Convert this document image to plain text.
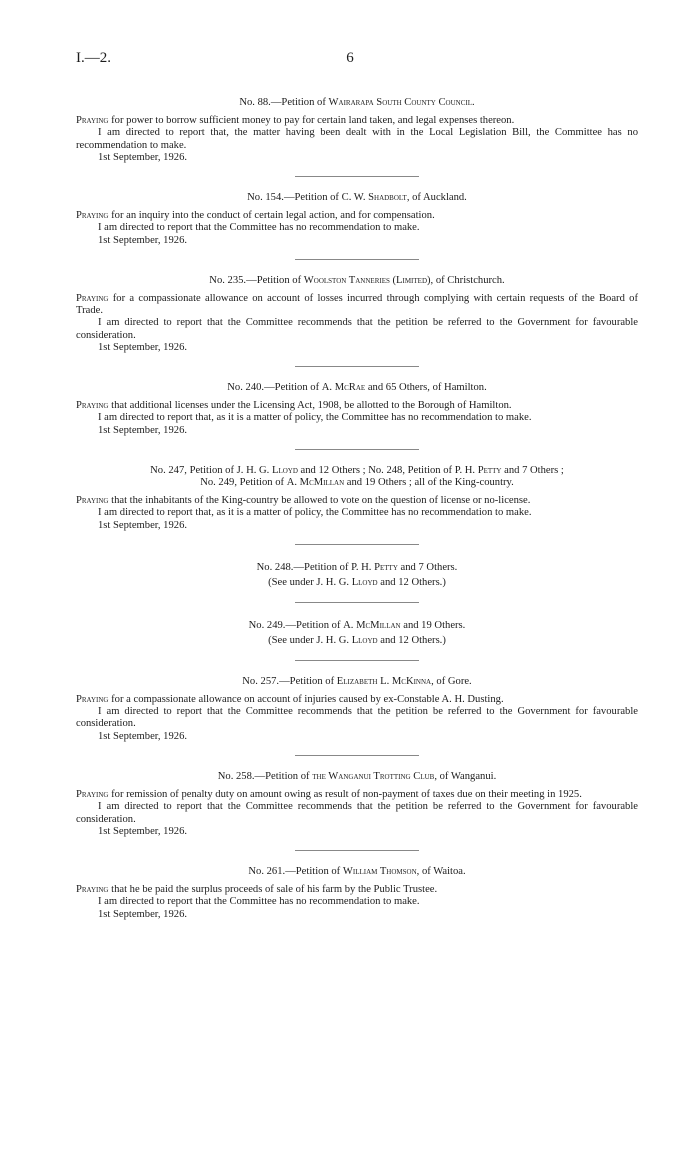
I.—2.	6

No. 88.—Petition of Wairarapa South County Council.

Praying for power to borrow sufficient money to pay for certain land taken, and legal expenses thereon.

I am directed to report that, the matter having been dealt with in the Local Legislation Bill, the Committee has no recommendation to make.

1st September, 1926.

No. 154.—Petition of C. W. Shadbolt, of Auckland.

Praying for an inquiry into the conduct of certain legal action, and for compensation.

I am directed to report that the Committee has no recommendation to make.

1st September, 1926.

No. 235.—Petition of Woolston Tanneries (Limited), of Christchurch.

Praying for a compassionate allowance on account of losses incurred through complying with certain requests of the Board of Trade.

I am directed to report that the Committee recommends that the petition be referred to the Government for favourable consideration.

1st September, 1926.

No. 240.—Petition of A. McRae and 65 Others, of Hamilton.

Praying that additional licenses under the Licensing Act, 1908, be allotted to the Borough of Hamilton.

I am directed to report that, as it is a matter of policy, the Committee has no recommendation to make.

1st September, 1926.

No. 247, Petition of J. H. G. Lloyd and 12 Others ; No. 248, Petition of P. H. Petty and 7 Others ;
No. 249, Petition of A. McMillan and 19 Others ; all of the King-country.

Praying that the inhabitants of the King-country be allowed to vote on the question of license or no-license.

I am directed to report that, as it is a matter of policy, the Committee has no recommendation to make.

1st September, 1926.

No. 248.—Petition of P. H. Petty and 7 Others.
(See under J. H. G. Lloyd and 12 Others.)
No. 249.—Petition of A. McMillan and 19 Others.
(See under J. H. G. Lloyd and 12 Others.)

No. 257.—Petition of Elizabeth L. McKinna, of Gore.

Praying for a compassionate allowance on account of injuries caused by ex-Constable A. H. Dusting.

I am directed to report that the Committee recommends that the petition be referred to the Government for favourable consideration.

1st September, 1926.

No. 258.—Petition of the Wanganui Trotting Club, of Wanganui.

Praying for remission of penalty duty on amount owing as result of non-payment of taxes due on their meeting in 1925.

I am directed to report that the Committee recommends that the petition be referred to the Government for favourable consideration.

1st September, 1926.

No. 261.—Petition of William Thomson, of Waitoa.

Praying that he be paid the surplus proceeds of sale of his farm by the Public Trustee.

I am directed to report that the Committee has no recommendation to make.

1st September, 1926.
